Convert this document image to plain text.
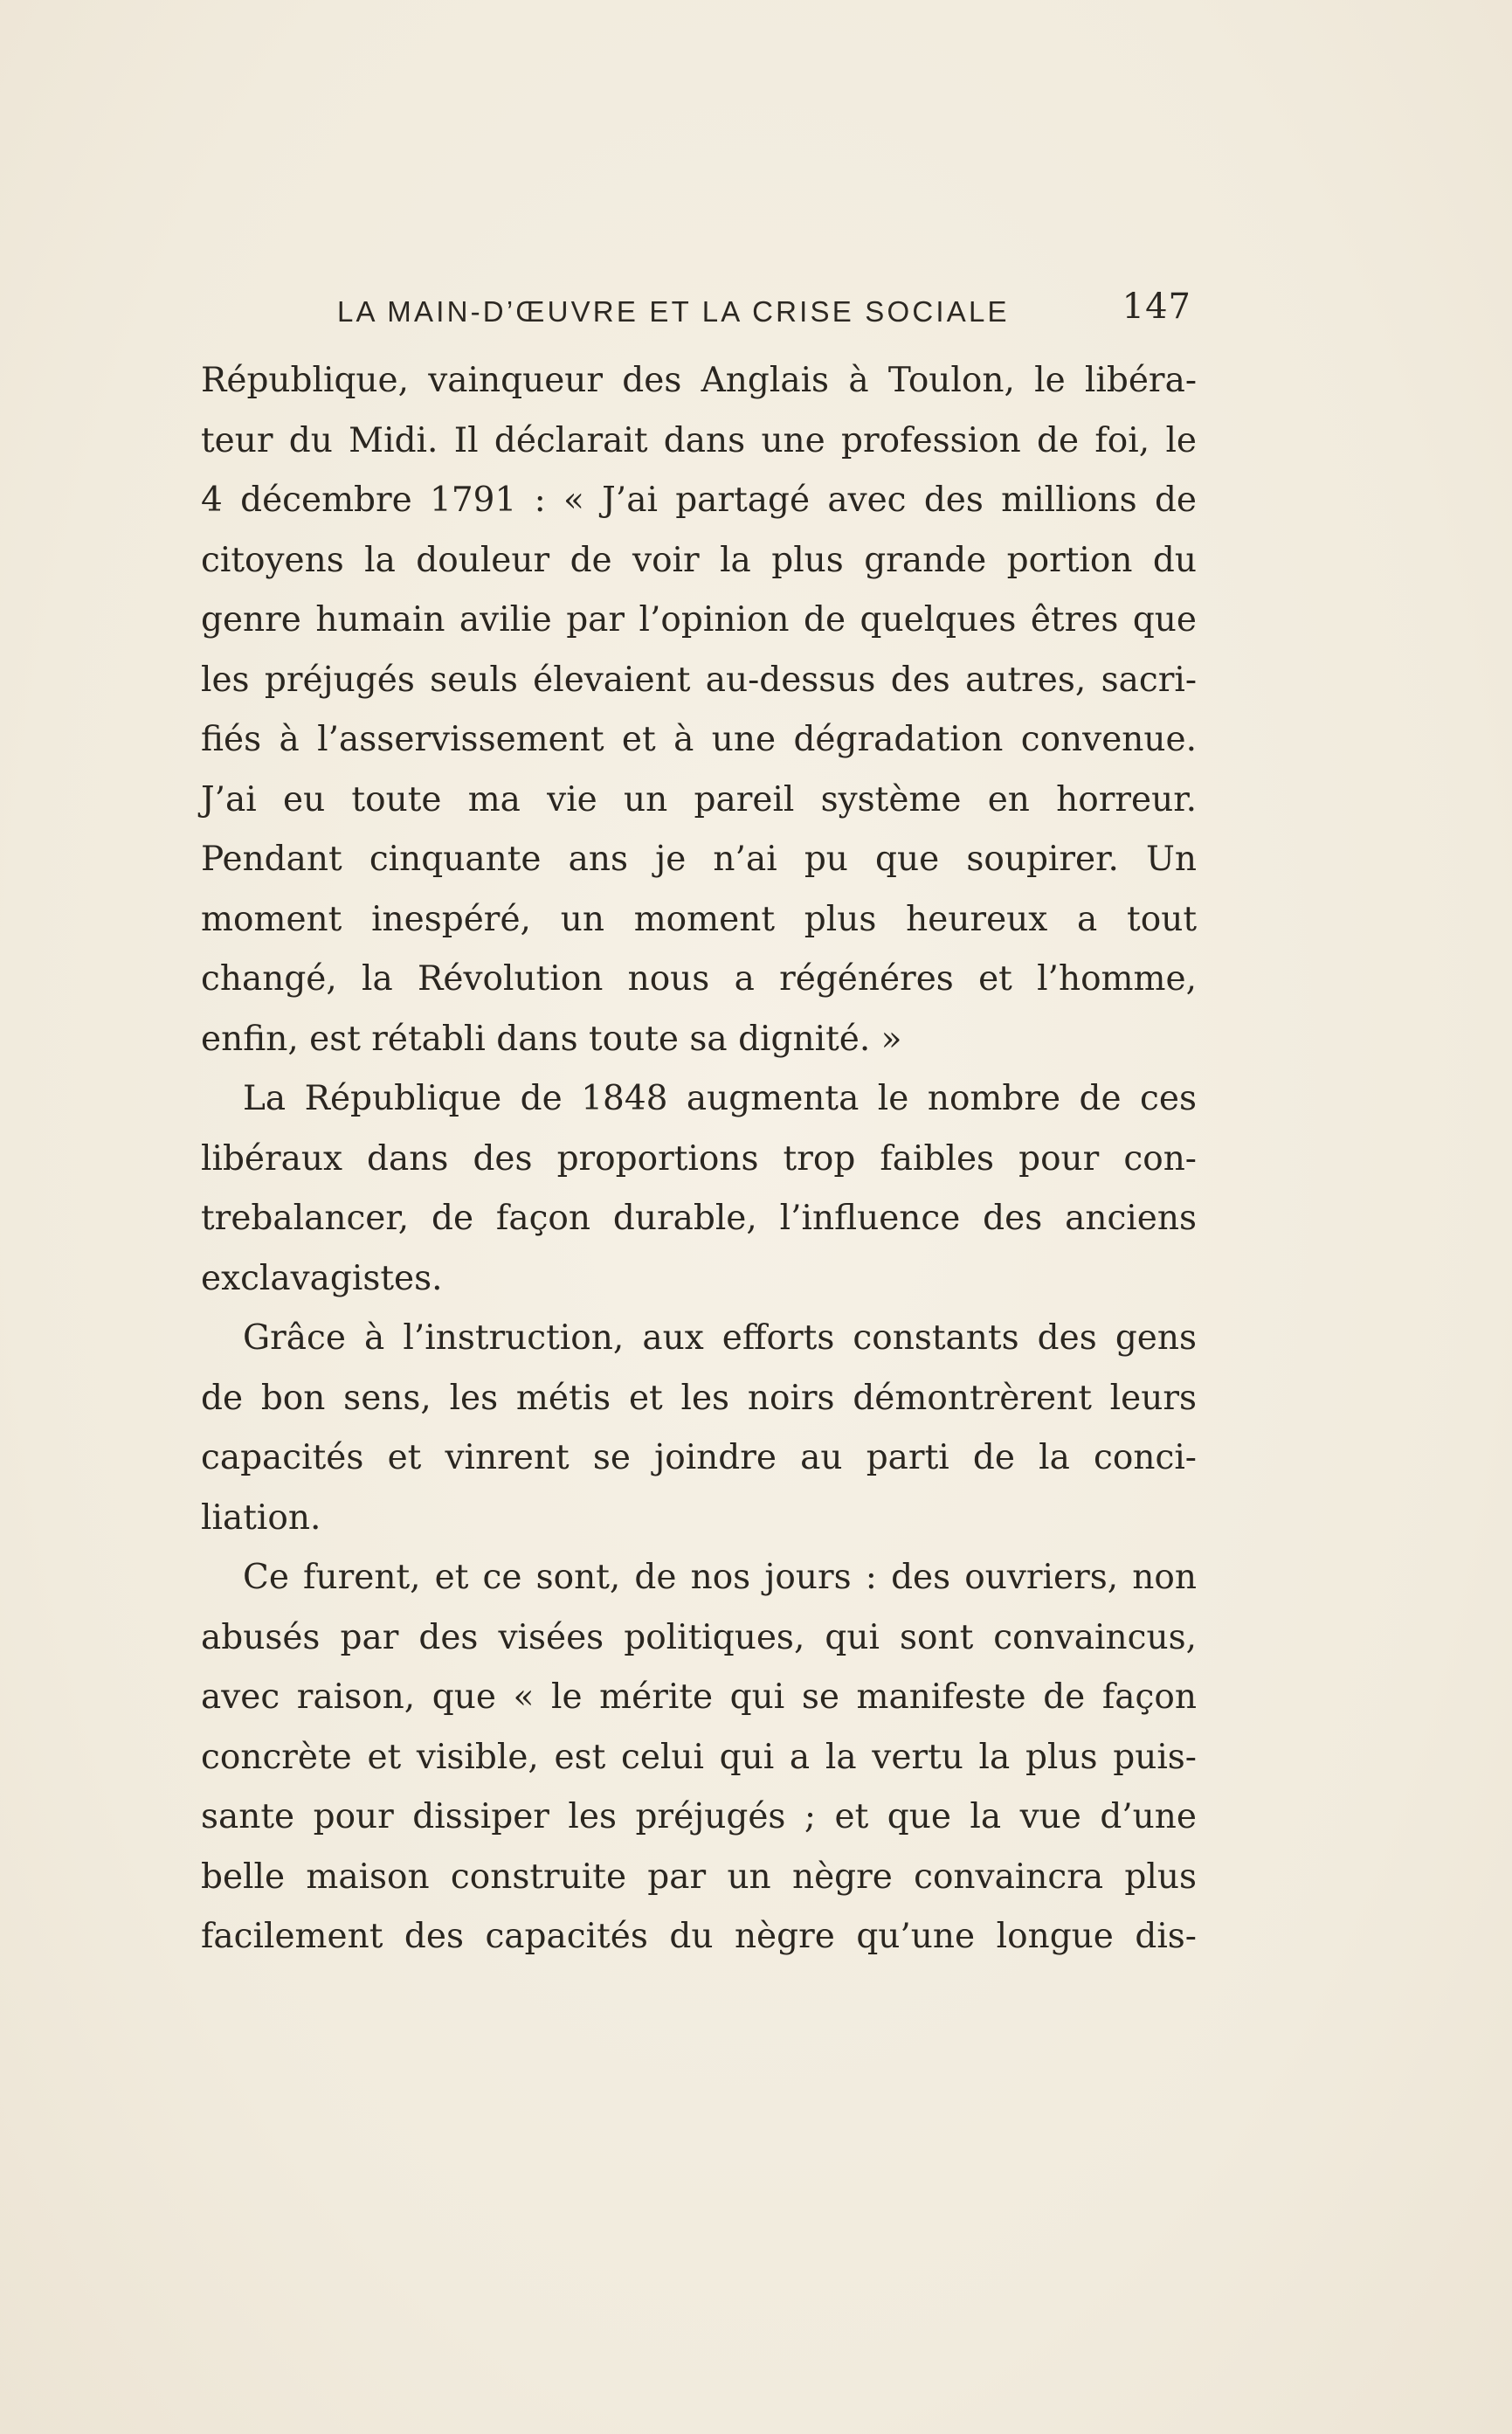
LA MAIN-D’ŒUVRE ET LA CRISE SOCIALE	147
République, vainqueur des Anglais à Toulon, le libéra-
teur du Midi. Il déclarait dans une profession de foi, le
4 décembre 1791 : « J’ai partagé avec des millions de
citoyens la douleur de voir la plus grande portion du
genre humain avilie par l’opinion de quelques êtres que
les préjugés seuls élevaient au-dessus des autres, sacri-
fiés à l’asservissement et à une dégradation convenue.
J’ai eu toute ma vie un pareil système en horreur.
Pendant cinquante ans je n’ai pu que soupirer. Un
moment inespéré, un moment plus heureux a tout
changé, la Révolution nous a régénéres et l’homme,
enfin, est rétabli dans toute sa dignité. »
La République de 1848 augmenta le nombre de ces
libéraux dans des proportions trop faibles pour con-
trebalancer, de façon durable, l’influence des anciens
exclavagistes.
Grâce à l’instruction, aux efforts constants des gens
de bon sens, les métis et les noirs démontrèrent leurs
capacités et vinrent se joindre au parti de la conci-
liation.
Ce furent, et ce sont, de nos jours : des ouvriers, non
abusés par des visées politiques, qui sont convaincus,
avec raison, que « le mérite qui se manifeste de façon
concrète et visible, est celui qui a la vertu la plus puis-
sante pour dissiper les préjugés ; et que la vue d’une
belle maison construite par un nègre convaincra plus
facilement des capacités du nègre qu’une longue dis-
